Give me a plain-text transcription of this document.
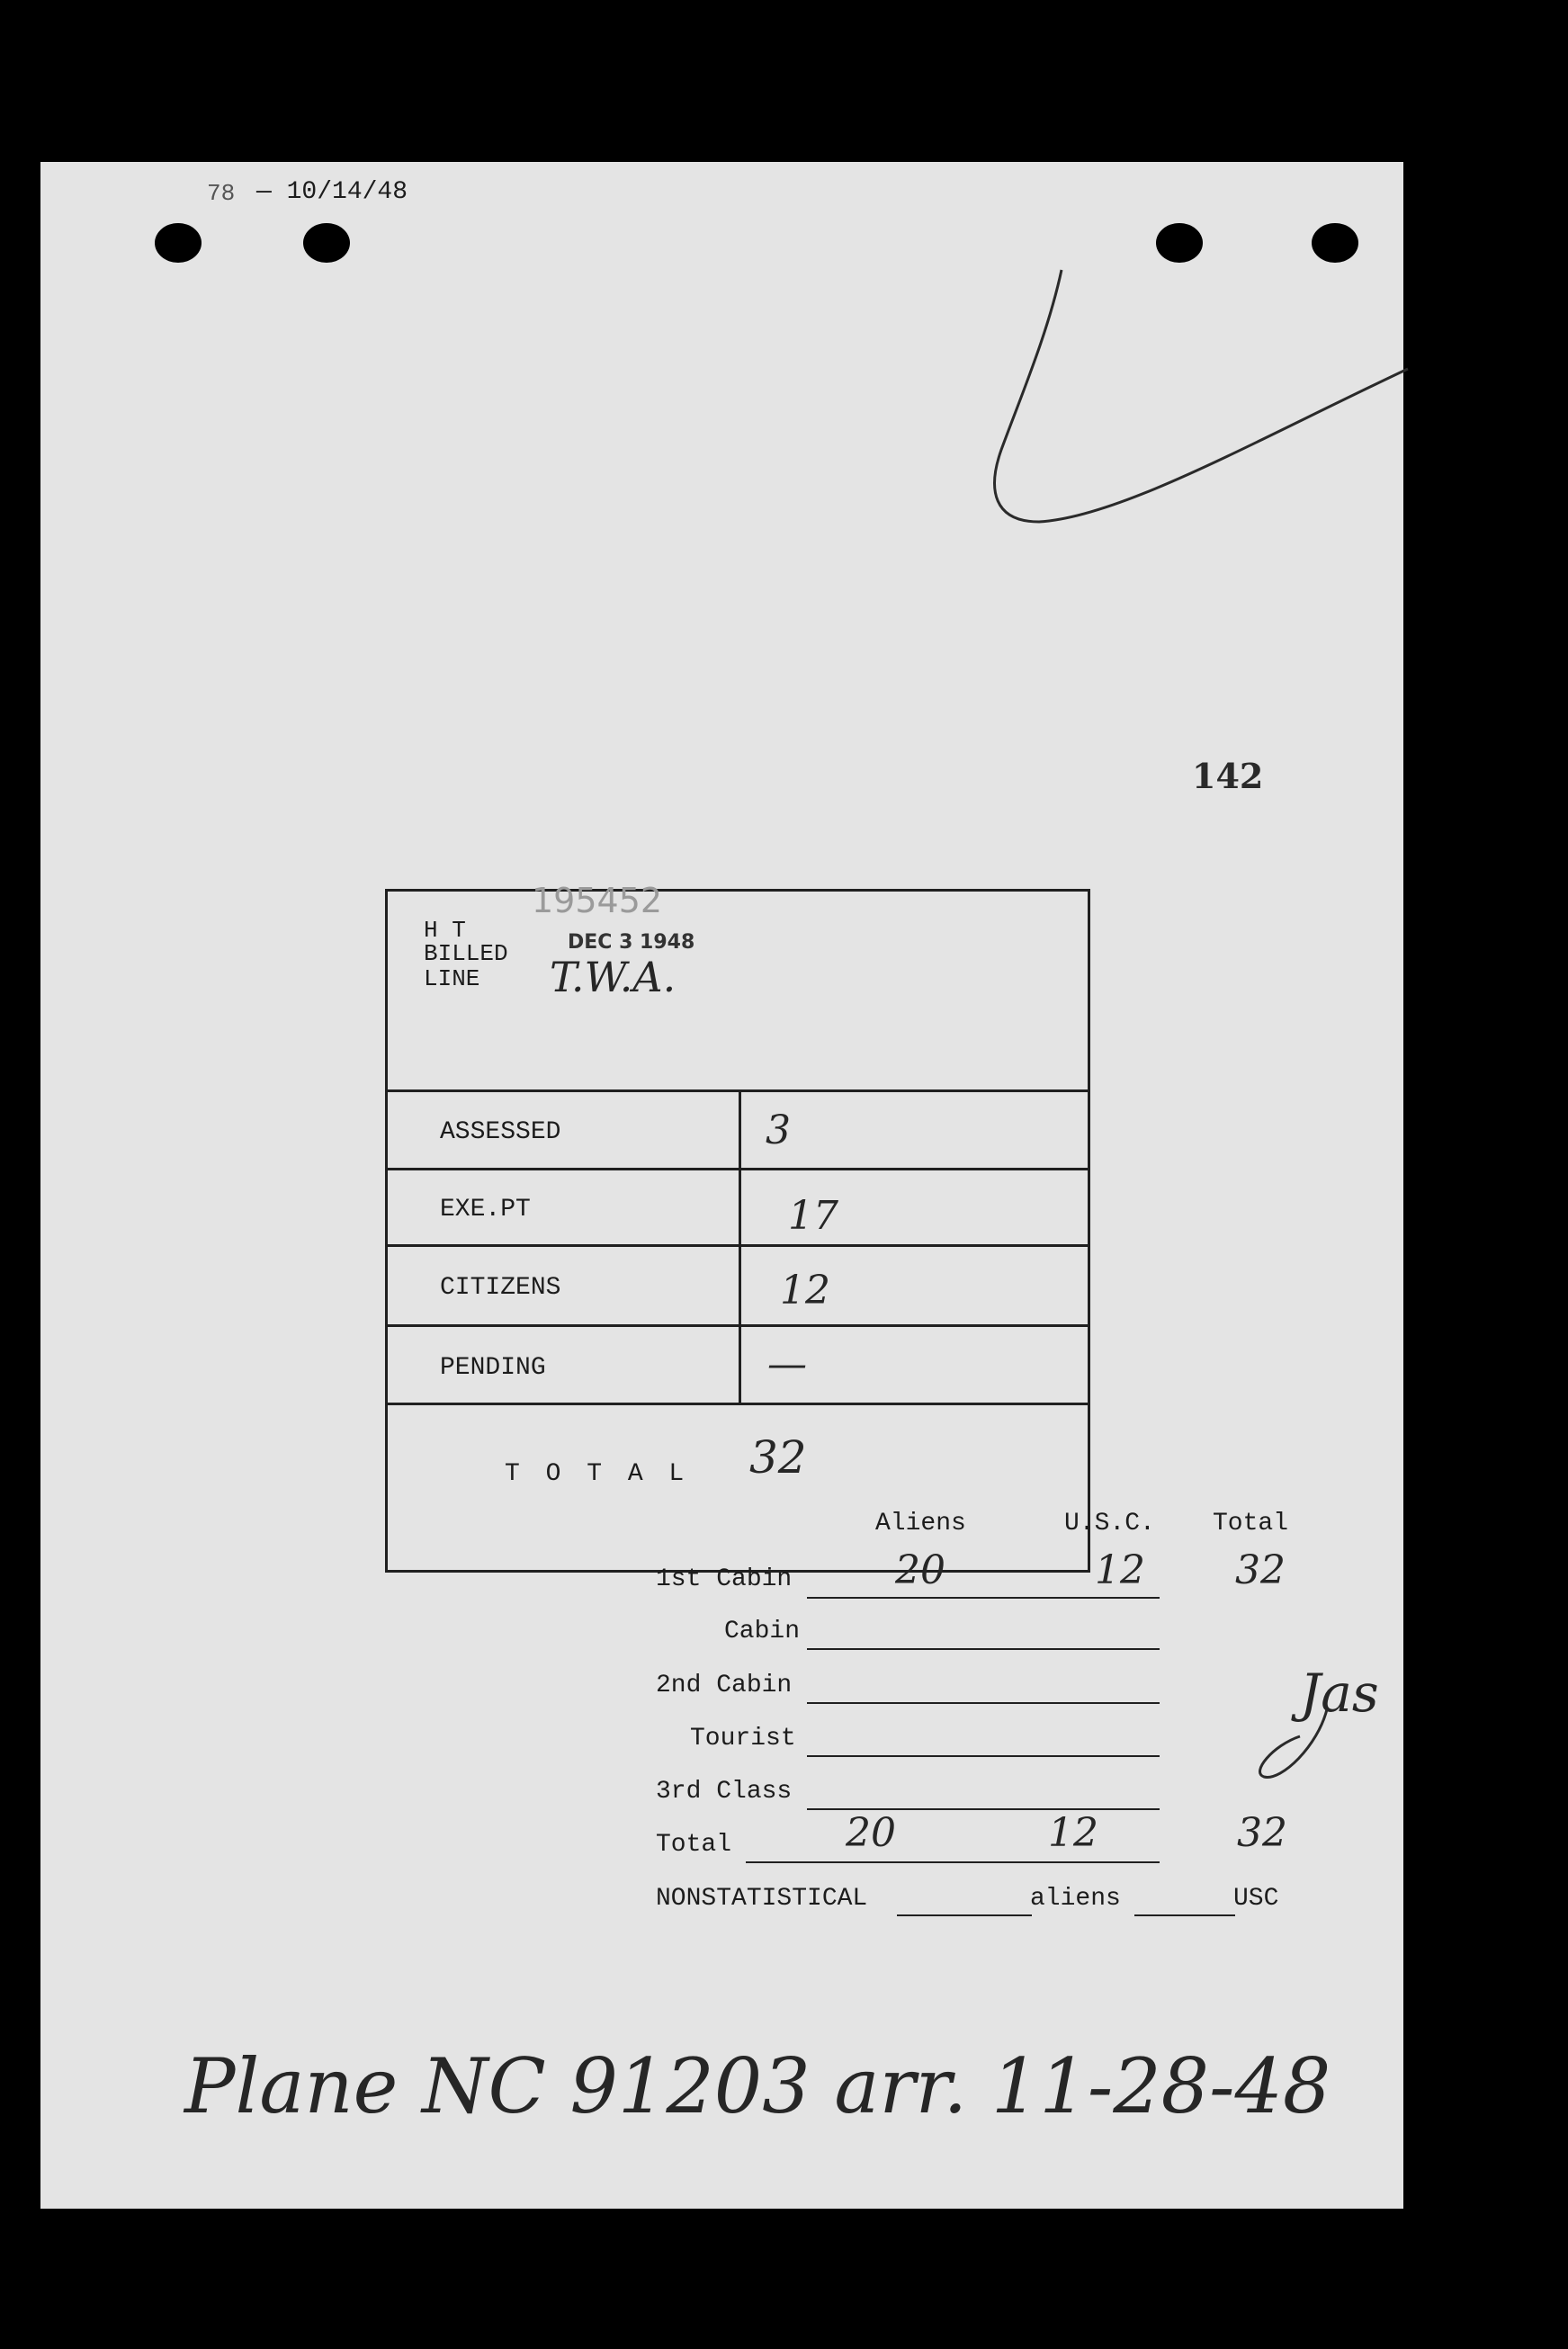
78 — 10/14/48
142
195452
H T
BILLED
LINE
DEC 3 1948
T.W.A.
ASSESSED	3
EXE.PT	17
CITIZENS	12
PENDING	—
T O T A L 32
Aliens	U.S.C. Total
1st Cabin	20	12 32
Cabin
2nd Cabin
Tourist
3rd Class
Total	20	12	32
Jas
NONSTATISTICAL	aliens	USC
Plane NC 91203 arr. 11-28-48
